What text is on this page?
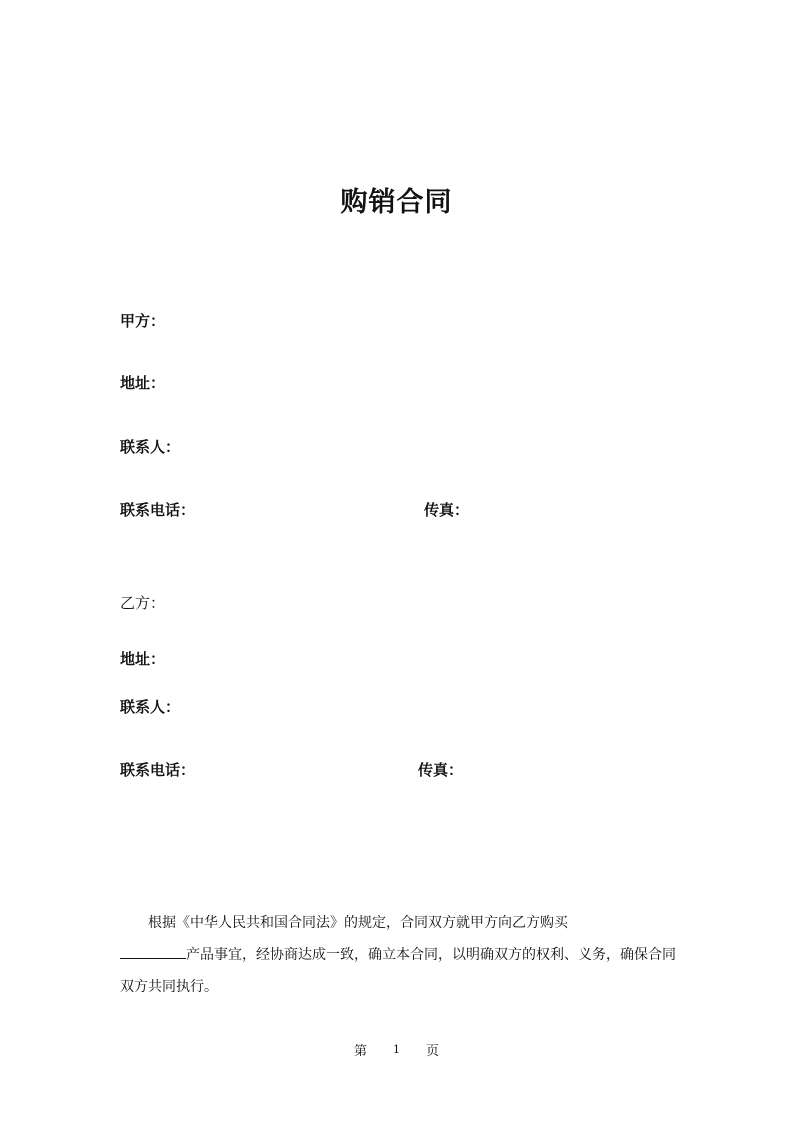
购销合同
甲方：
地址：
联系人：
联系电话：	传真：
乙方：
地址：
联系人：
联系电话：	传真：

根据《中华人民共和国合同法》的规定，合同双方就甲方向乙方购买

产品事宜，经协商达成一致，确立本合同，以明确双方的权利、义务，确保合同

双方共同执行。

第 1 页
